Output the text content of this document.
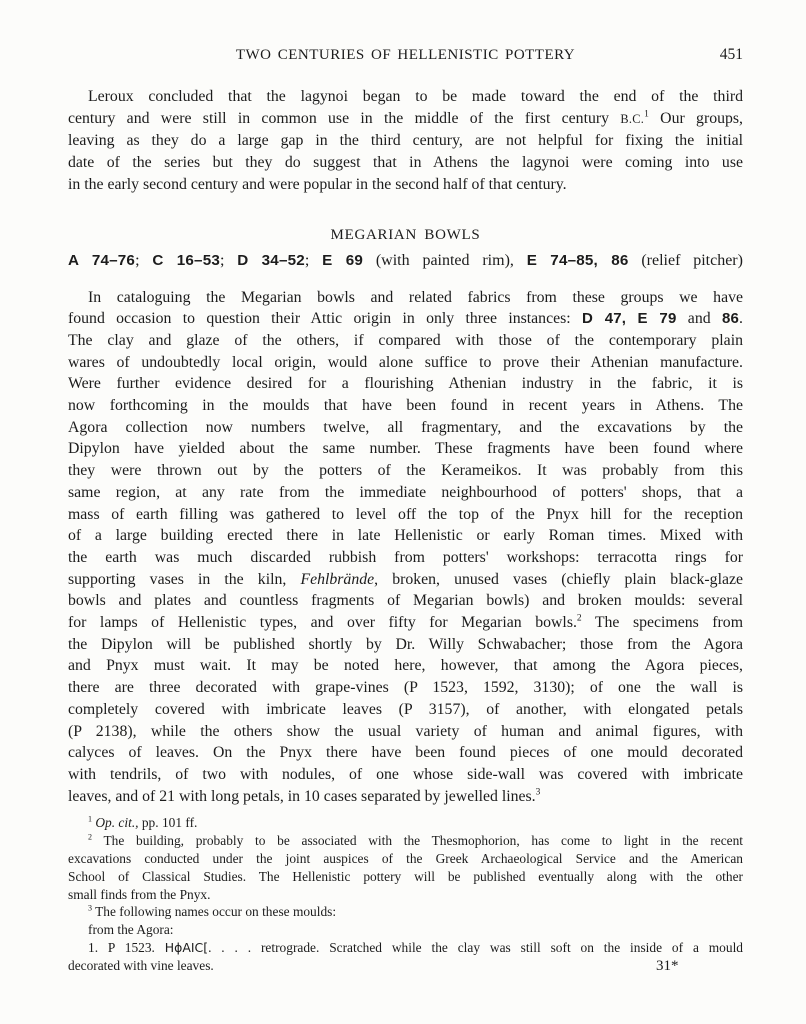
TWO CENTURIES OF HELLENISTIC POTTERY	451
Leroux concluded that the lagynoi began to be made toward the end of the third
century and were still in common use in the middle of the first century B.C.$^1$ Our groups,
leaving as they do a large gap in the third century, are not helpful for fixing the initial
date of the series but they do suggest that in Athens the lagynoi were coming into use
in the early second century and were popular in the second half of that century.
MEGARIAN BOWLS
A 74–76; C 16–53; D 34–52; E 69 (with painted rim), E 74–85, 86 (relief pitcher)
In cataloguing the Megarian bowls and related fabrics from these groups we have
found occasion to question their Attic origin in only three instances: D 47, E 79 and 86.
The clay and glaze of the others, if compared with those of the contemporary plain
wares of undoubtedly local origin, would alone suffice to prove their Athenian manufacture.
Were further evidence desired for a flourishing Athenian industry in the fabric, it is
now forthcoming in the moulds that have been found in recent years in Athens. The
Agora collection now numbers twelve, all fragmentary, and the excavations by the
Dipylon have yielded about the same number. These fragments have been found where
they were thrown out by the potters of the Kerameikos. It was probably from this
same region, at any rate from the immediate neighbourhood of potters' shops, that a
mass of earth filling was gathered to level off the top of the Pnyx hill for the reception
of a large building erected there in late Hellenistic or early Roman times. Mixed with
the earth was much discarded rubbish from potters' workshops: terracotta rings for
supporting vases in the kiln, Fehlbrände, broken, unused vases (chiefly plain black-glaze
bowls and plates and countless fragments of Megarian bowls) and broken moulds: several
for lamps of Hellenistic types, and over fifty for Megarian bowls.$^2$ The specimens from
the Dipylon will be published shortly by Dr. Willy Schwabacher; those from the Agora
and Pnyx must wait. It may be noted here, however, that among the Agora pieces,
there are three decorated with grape-vines (P 1523, 1592, 3130); of one the wall is
completely covered with imbricate leaves (P 3157), of another, with elongated petals
(P 2138), while the others show the usual variety of human and animal figures, with
calyces of leaves. On the Pnyx there have been found pieces of one mould decorated
with tendrils, of two with nodules, of one whose side-wall was covered with imbricate
leaves, and of 21 with long petals, in 10 cases separated by jewelled lines.$^3$
$^1$ Op. cit., pp. 101 ff.
$^2$ The building, probably to be associated with the Thesmophorion, has come to light in the recent
excavations conducted under the joint auspices of the Greek Archaeological Service and the American
School of Classical Studies. The Hellenistic pottery will be published eventually along with the other
small finds from the Pnyx.
$^3$ The following names occur on these moulds:
from the Agora:
1. P 1523. HϕAIC[. . . . retrograde. Scratched while the clay was still soft on the inside of a mould
decorated with vine leaves.	31*
